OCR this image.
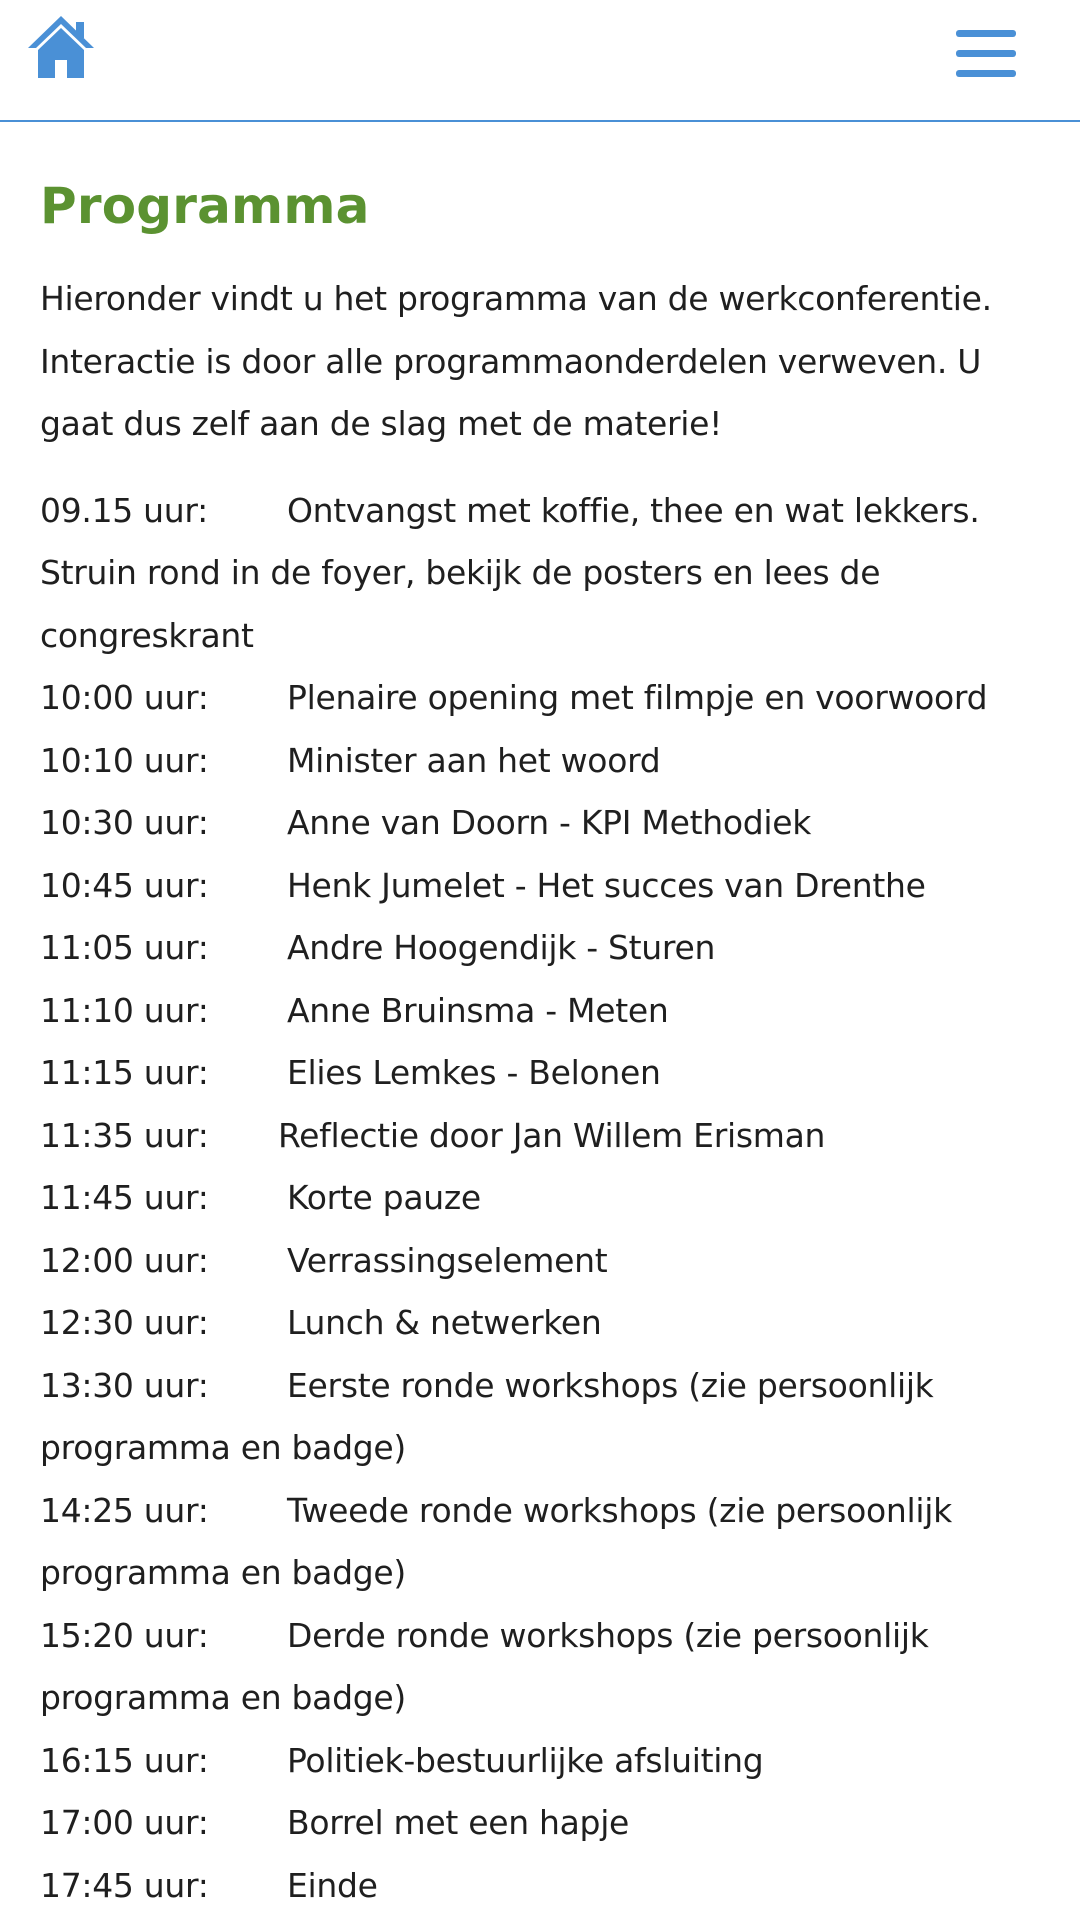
Programma

Hieronder vindt u het programma van de werkconferentie. Interactie is door alle programmaonderdelen verweven. U gaat dus zelf aan de slag met de materie!

09.15 uur: Ontvangst met koffie, thee en wat lekkers. Struin rond in de foyer, bekijk de posters en lees de congreskrant

10:00 uur: Plenaire opening met filmpje en voorwoord

10:10 uur: Minister aan het woord

10:30 uur: Anne van Doorn - KPI Methodiek

10:45 uur: Henk Jumelet - Het succes van Drenthe

11:05 uur: Andre Hoogendijk - Sturen

11:10 uur: Anne Bruinsma - Meten

11:15 uur: Elies Lemkes - Belonen

11:35 uur: Reflectie door Jan Willem Erisman

11:45 uur: Korte pauze

12:00 uur: Verrassingselement

12:30 uur: Lunch & netwerken

13:30 uur: Eerste ronde workshops (zie persoonlijk programma en badge)

14:25 uur: Tweede ronde workshops (zie persoonlijk programma en badge)

15:20 uur: Derde ronde workshops (zie persoonlijk programma en badge)

16:15 uur: Politiek-bestuurlijke afsluiting

17:00 uur: Borrel met een hapje

17:45 uur: Einde
